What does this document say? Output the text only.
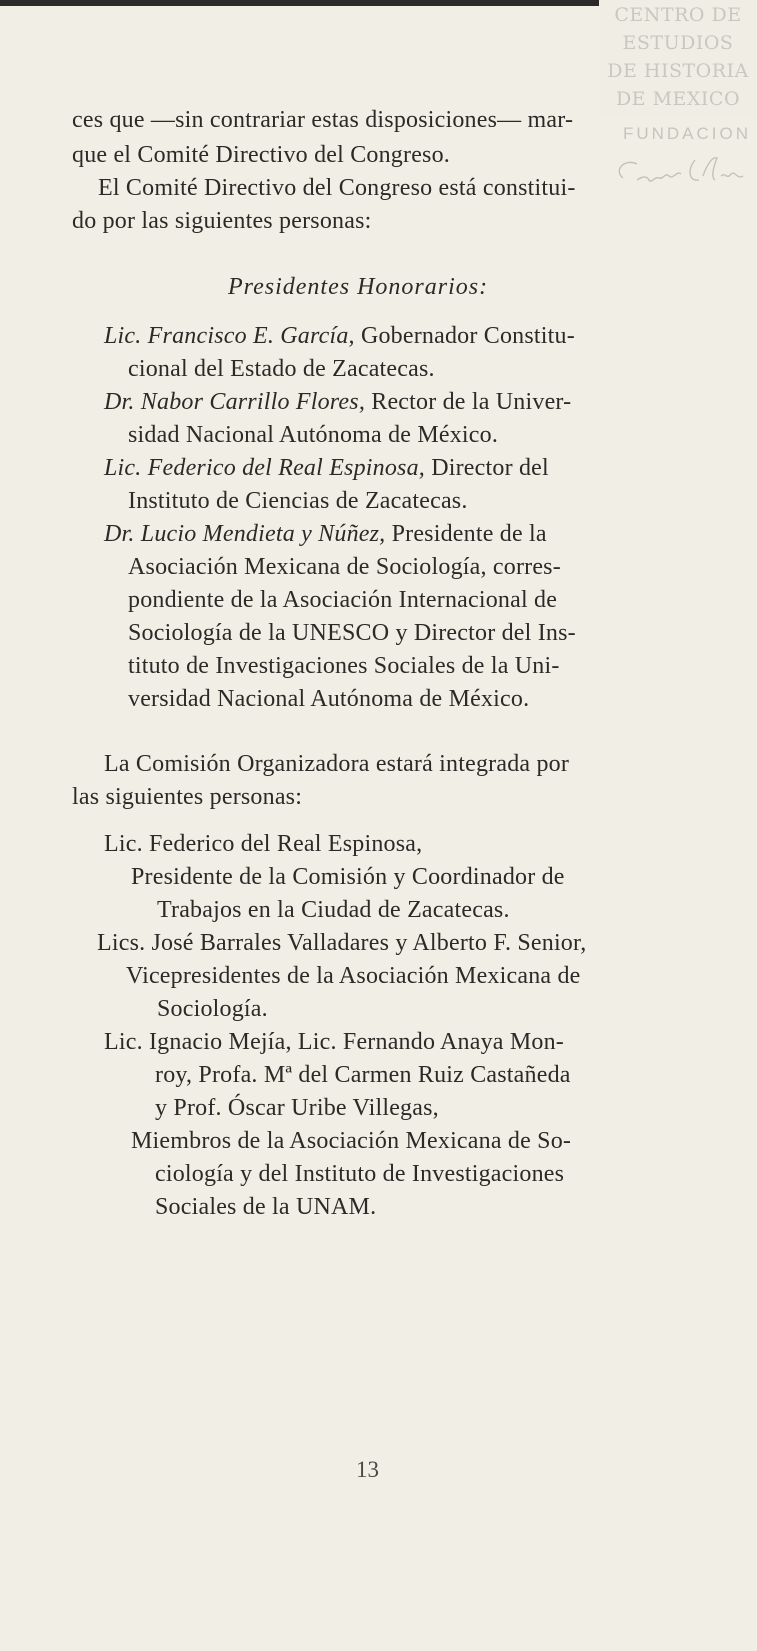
CENTRO DE
ESTUDIOS
DE HISTORIA
DE MEXICO
FUNDACION
ces que —sin contrariar estas disposiciones— mar-
que el Comité Directivo del Congreso.
El Comité Directivo del Congreso está constitui-
do por las siguientes personas:
Presidentes Honorarios:
Lic. Francisco E. García, Gobernador Constitu-
cional del Estado de Zacatecas.
Dr. Nabor Carrillo Flores, Rector de la Univer-
sidad Nacional Autónoma de México.
Lic. Federico del Real Espinosa, Director del
Instituto de Ciencias de Zacatecas.
Dr. Lucio Mendieta y Núñez, Presidente de la
Asociación Mexicana de Sociología, corres-
pondiente de la Asociación Internacional de
Sociología de la UNESCO y Director del Ins-
tituto de Investigaciones Sociales de la Uni-
versidad Nacional Autónoma de México.
La Comisión Organizadora estará integrada por
las siguientes personas:
Lic. Federico del Real Espinosa,
Presidente de la Comisión y Coordinador de
Trabajos en la Ciudad de Zacatecas.
Lics. José Barrales Valladares y Alberto F. Senior,
Vicepresidentes de la Asociación Mexicana de
Sociología.
Lic. Ignacio Mejía, Lic. Fernando Anaya Mon-
roy, Profa. Mª del Carmen Ruiz Castañeda
y Prof. Óscar Uribe Villegas,
Miembros de la Asociación Mexicana de So-
ciología y del Instituto de Investigaciones
Sociales de la UNAM.
13
